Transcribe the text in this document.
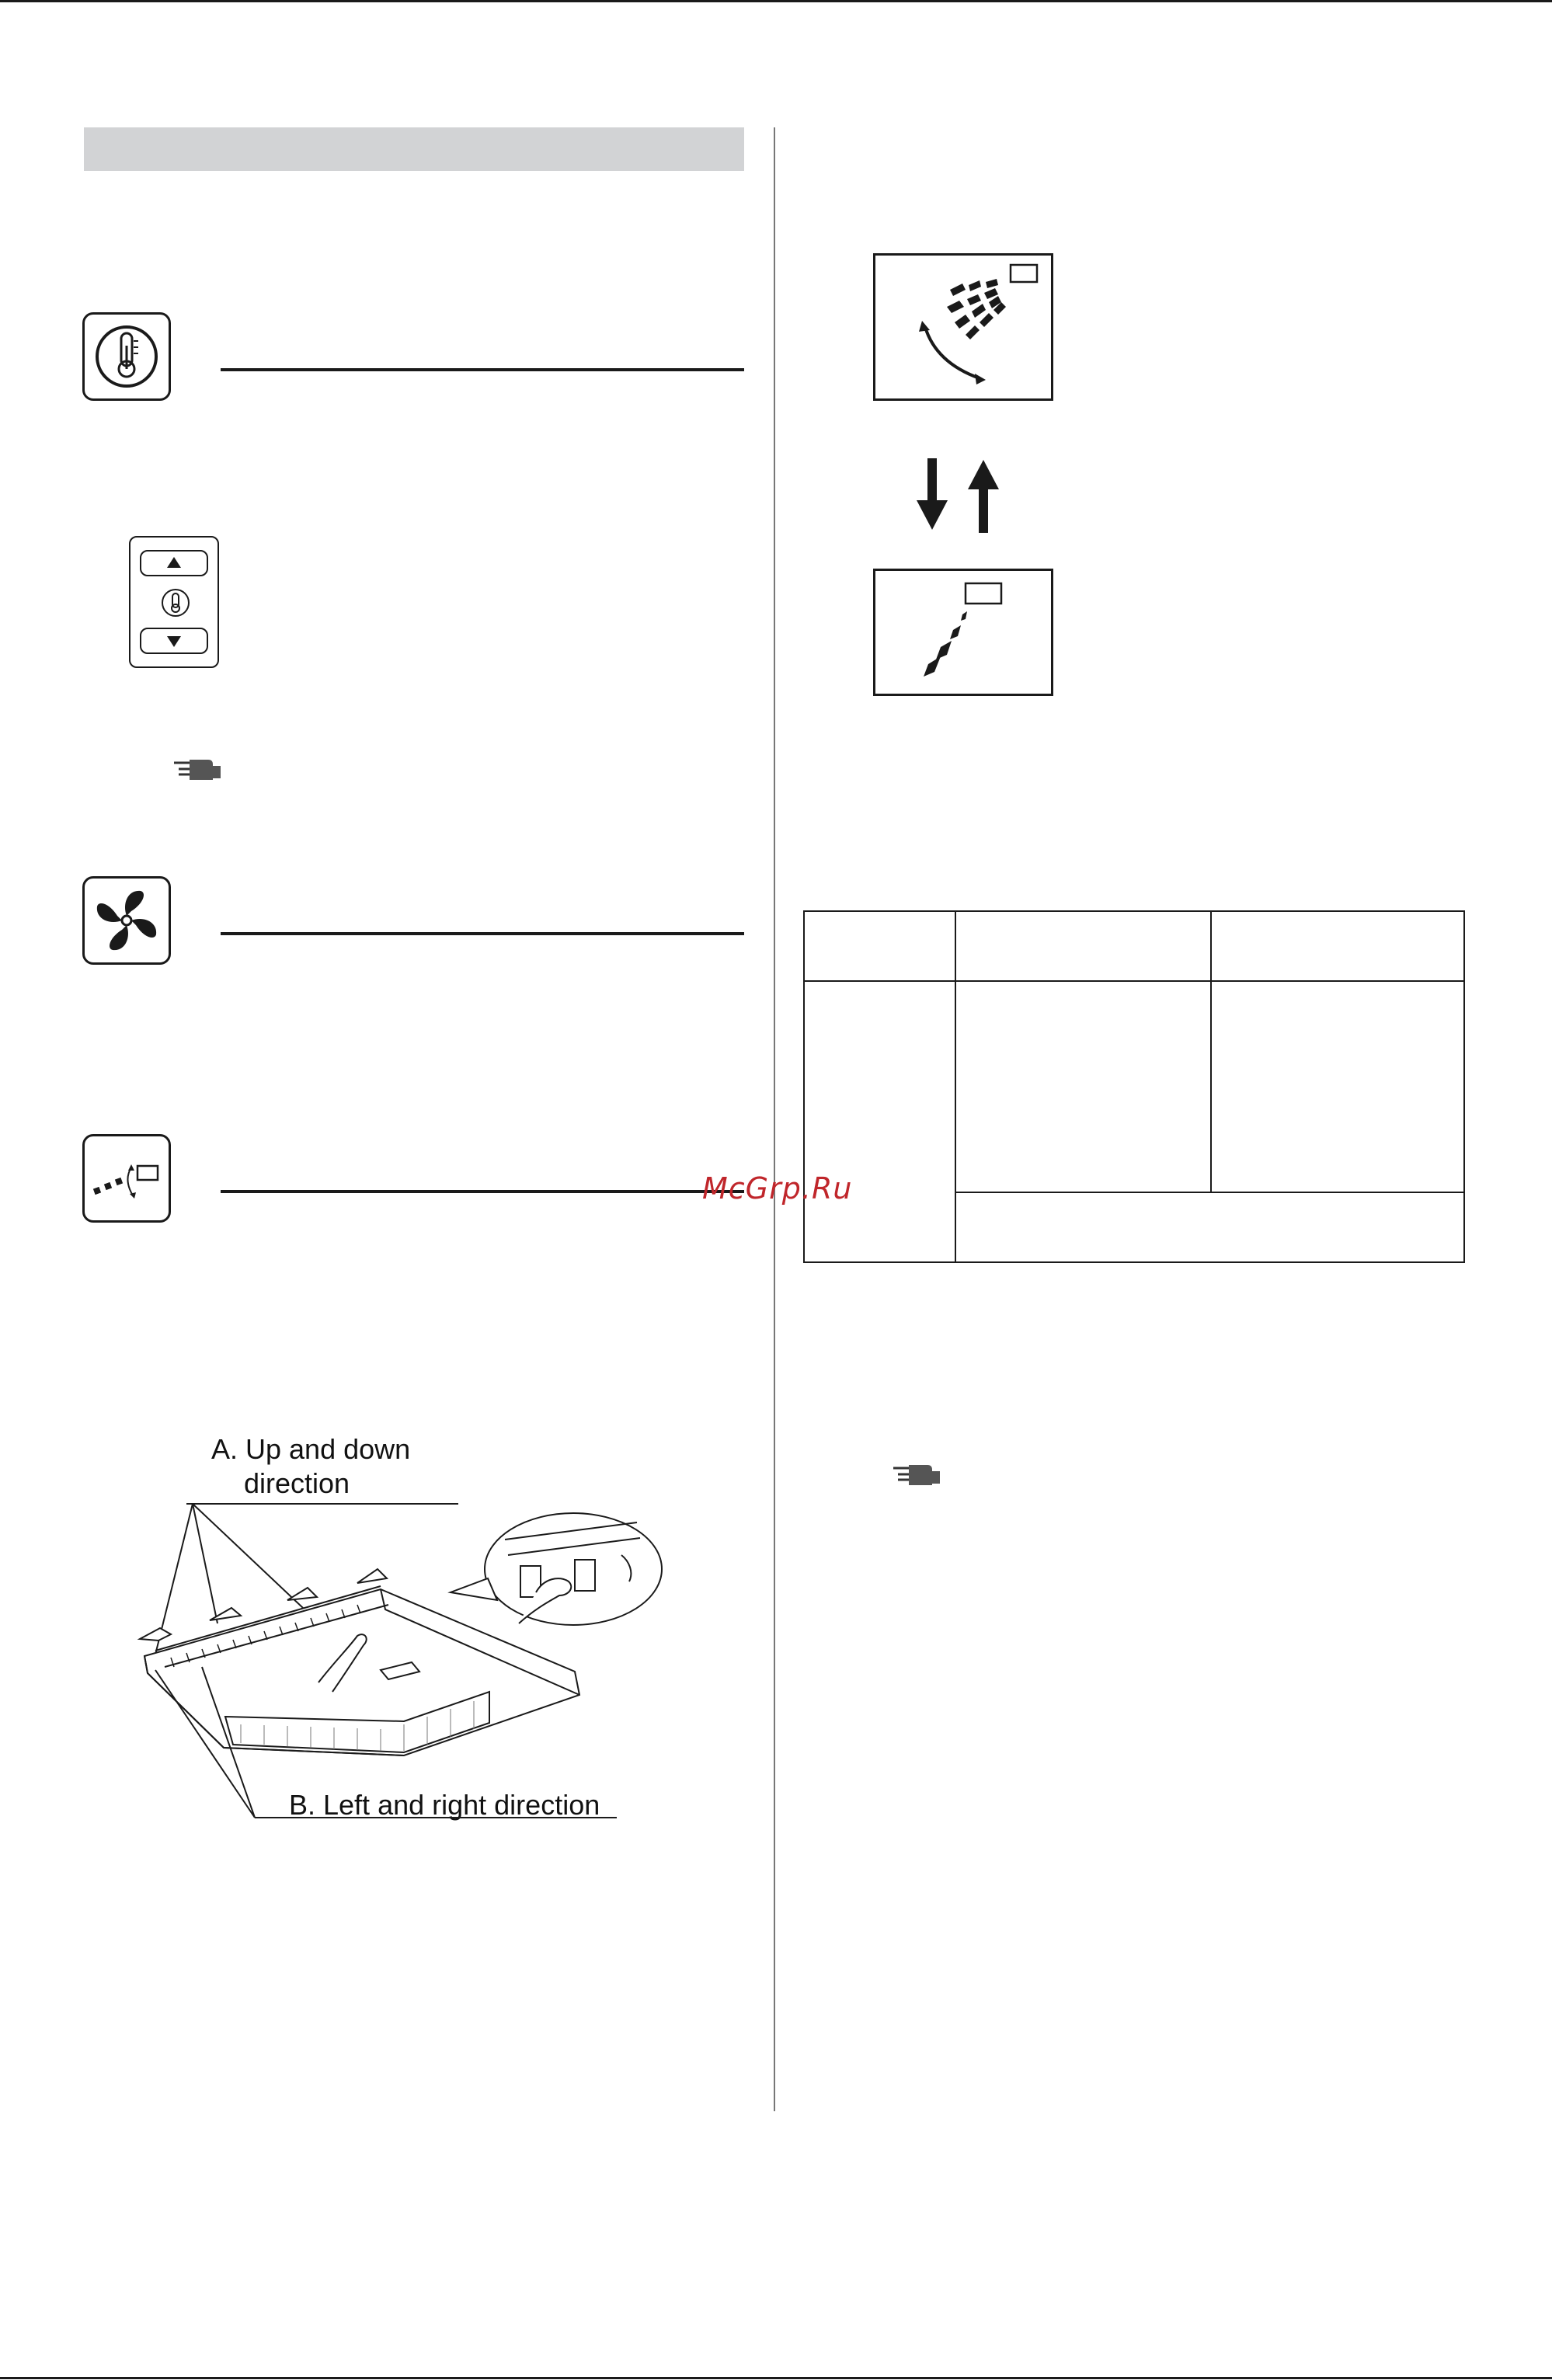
A. Up and down
direction
B. Left and right direction

McGrp.Ru
